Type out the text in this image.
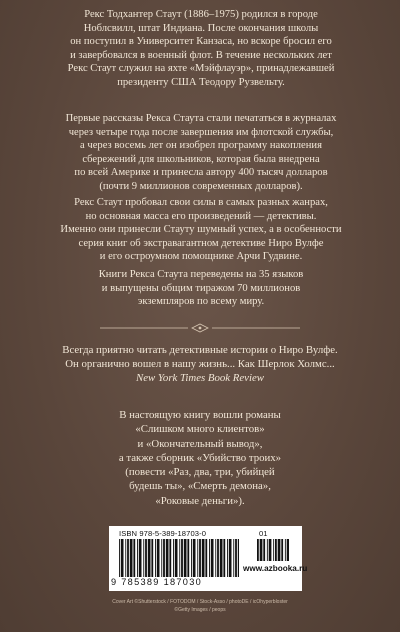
Рекс Тодхантер Стаут (1886–1975) родился в городе
Ноблсвилл, штат Индиана. После окончания школы
он поступил в Университет Канзаса, но вскоре бросил его
и завербовался в военный флот. В течение нескольких лет
Рекс Стаут служил на яхте «Мэйфлауэр», принадлежавшей
президенту США Теодору Рузвельту.
Первые рассказы Рекса Стаута стали печататься в журналах
через четыре года после завершения им флотской службы,
а через восемь лет он изобрел программу накопления
сбережений для школьников, которая была внедрена
по всей Америке и принесла автору 400 тысяч долларов
(почти 9 миллионов современных долларов).
Рекс Стаут пробовал свои силы в самых разных жанрах,
но основная масса его произведений — детективы.
Именно они принесли Стауту шумный успех, а в особенности
серия книг об экстравагантном детективе Ниро Вулфе
и его остроумном помощнике Арчи Гудвине.
Книги Рекса Стаута переведены на 35 языков
и выпущены общим тиражом 70 миллионов
экземпляров по всему миру.
Всегда приятно читать детективные истории о Ниро Вулфе.
Он органично вошел в нашу жизнь... Как Шерлок Холмс...
New York Times Book Review
В настоящую книгу вошли романы
«Слишком много клиентов»
и «Окончательный вывод»,
а также сборник «Убийство троих»
(повести «Раз, два, три, убийцей
будешь ты», «Смерть демона»,
«Роковые деньги»).
ISBN 978-5-389-18703-0	01
www.azbooka.ru
9 785389 187030
Cover Art ©Shutterstock / FOTODOM / Stock-Asso / photoDE / icOhyperbloster
©Getty Images / peops
